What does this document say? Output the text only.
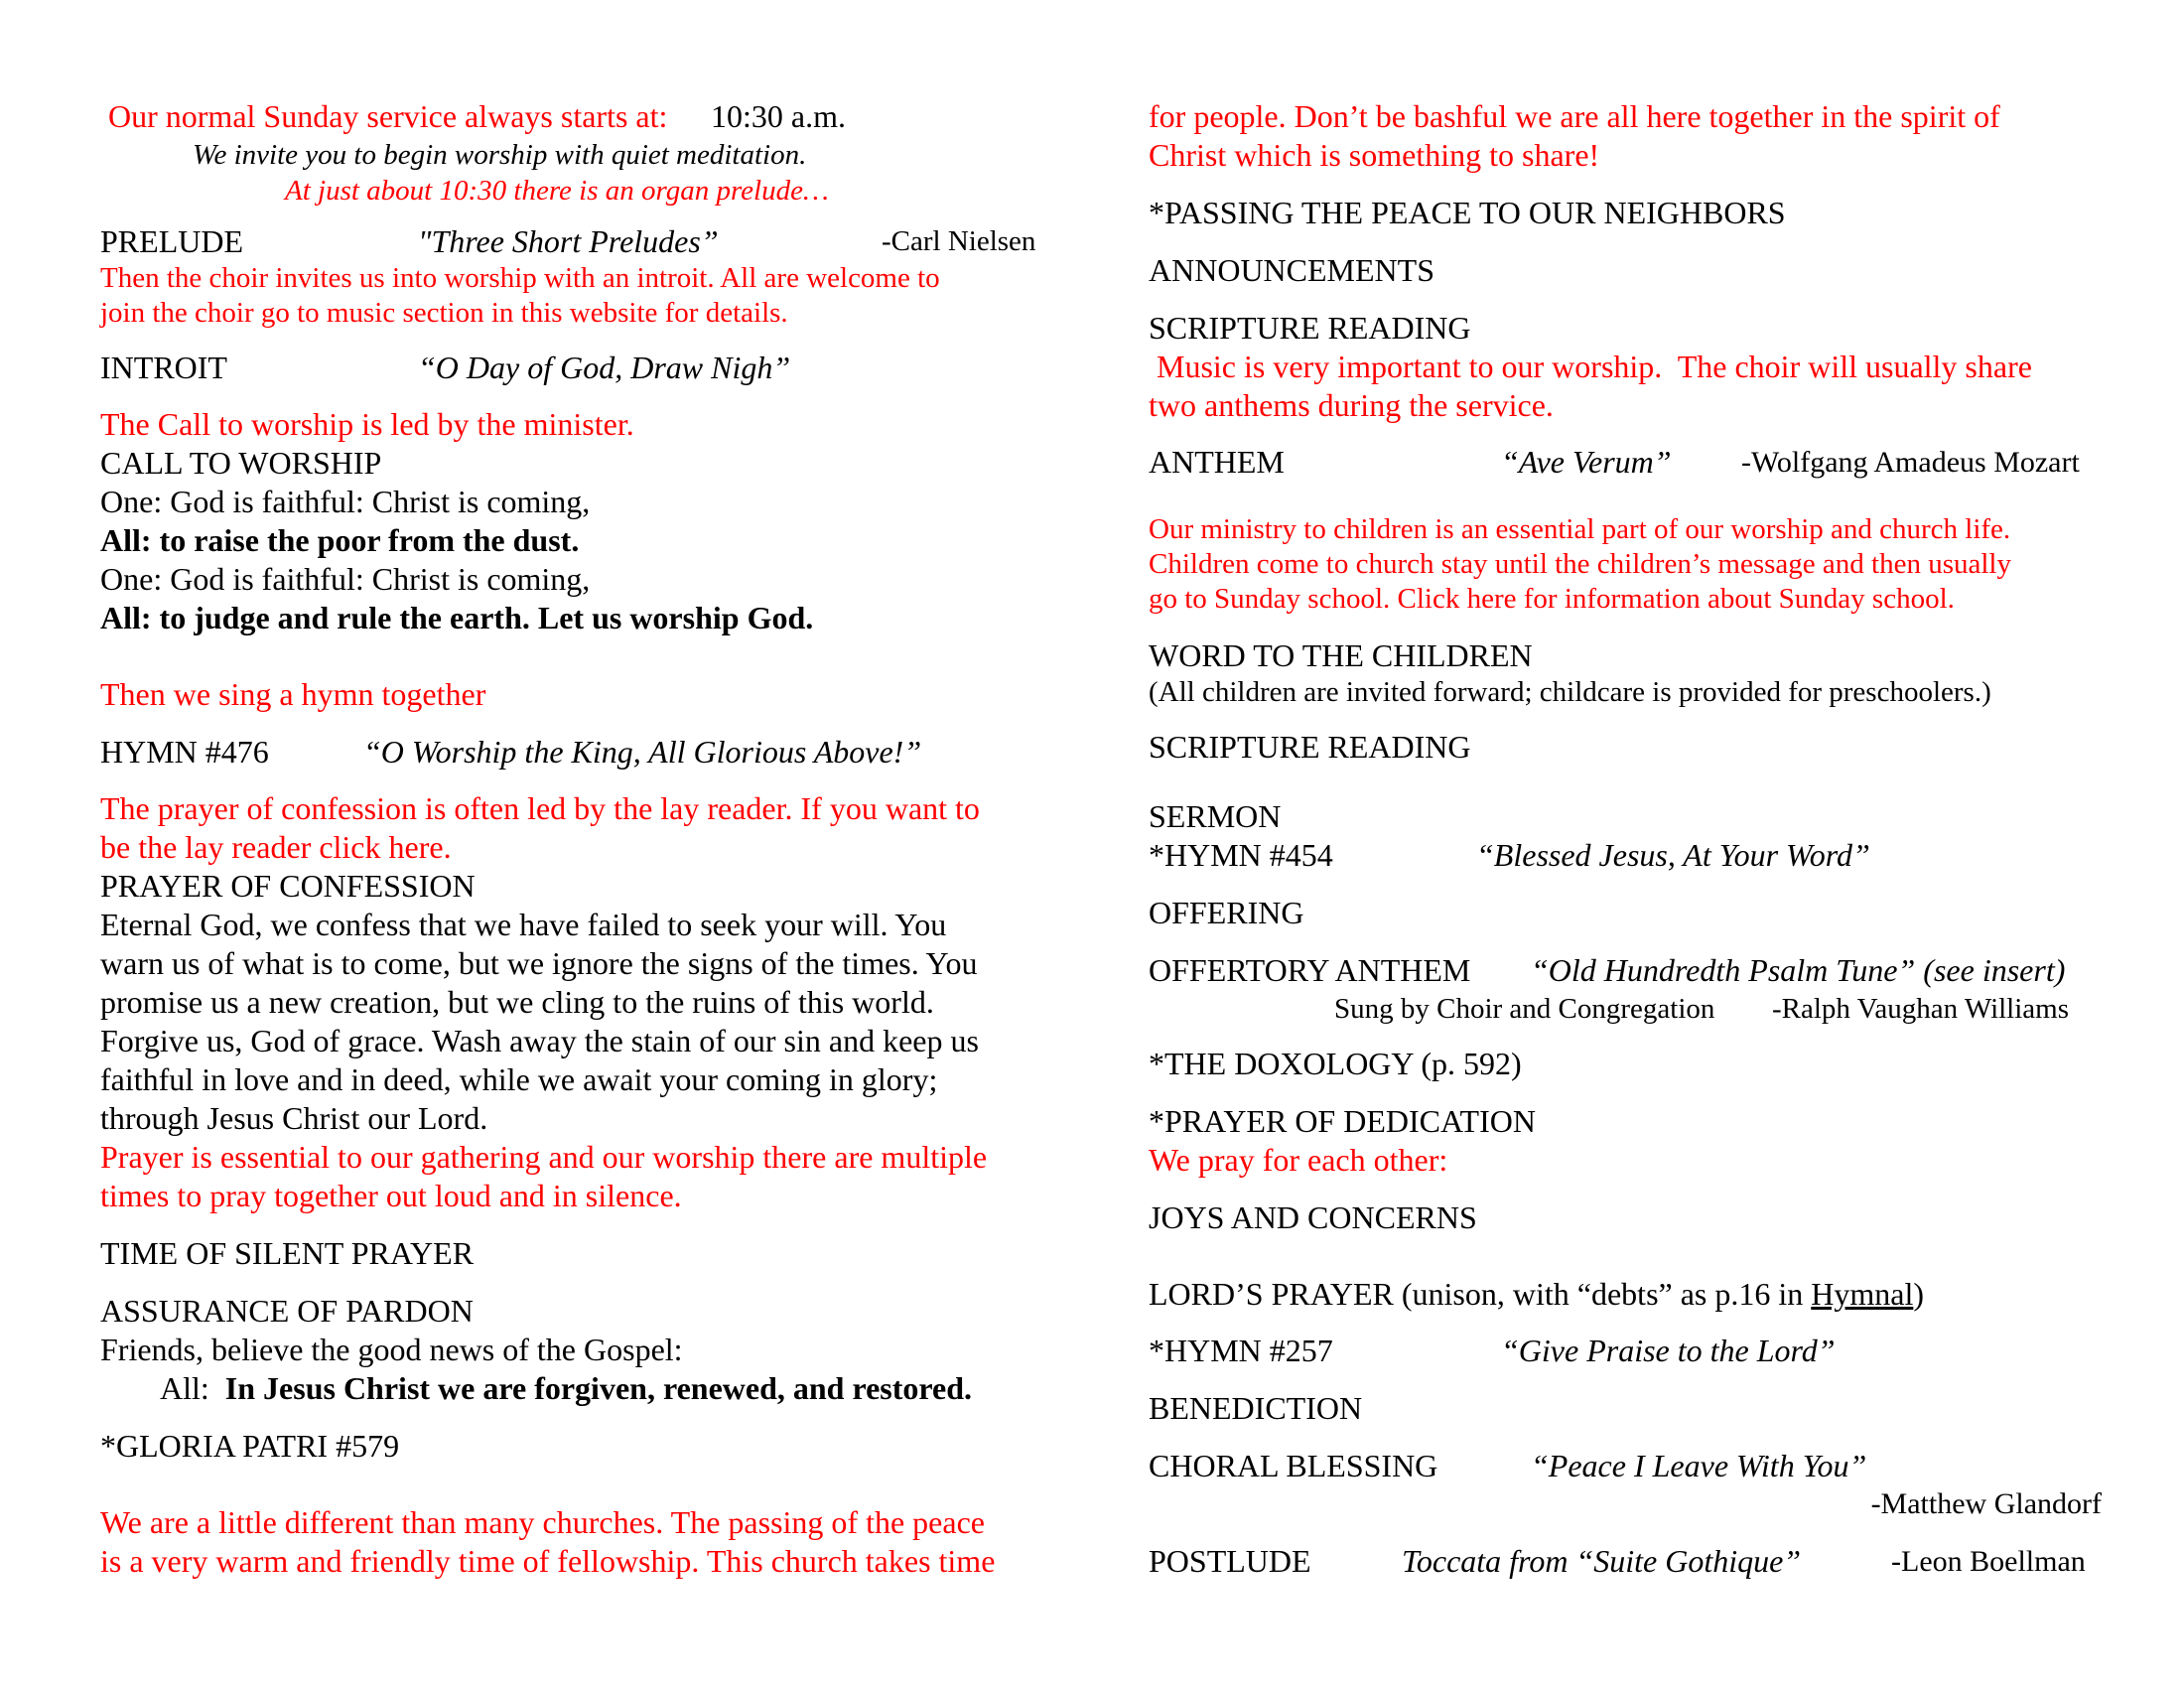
Our normal Sunday service always starts at: 10:30 a.m.
We invite you to begin worship with quiet meditation.
At just about 10:30 there is an organ prelude…
PRELUDE	"Three Short Preludes”	-Carl Nielsen
Then the choir invites us into worship with an introit. All are welcome to
join the choir go to music section in this website for details.
INTROIT	“O Day of God, Draw Nigh”
The Call to worship is led by the minister.
CALL TO WORSHIP
One: God is faithful: Christ is coming,
All: to raise the poor from the dust.
One: God is faithful: Christ is coming,
All: to judge and rule the earth. Let us worship God.
Then we sing a hymn together
HYMN #476	“O Worship the King, All Glorious Above!”
The prayer of confession is often led by the lay reader. If you want to
be the lay reader click here.
PRAYER OF CONFESSION
Eternal God, we confess that we have failed to seek your will. You
warn us of what is to come, but we ignore the signs of the times. You
promise us a new creation, but we cling to the ruins of this world.
Forgive us, God of grace. Wash away the stain of our sin and keep us
faithful in love and in deed, while we await your coming in glory;
through Jesus Christ our Lord.
Prayer is essential to our gathering and our worship there are multiple
times to pray together out loud and in silence.
TIME OF SILENT PRAYER
ASSURANCE OF PARDON
Friends, believe the good news of the Gospel:
All: In Jesus Christ we are forgiven, renewed, and restored.
*GLORIA PATRI #579
We are a little different than many churches. The passing of the peace
is a very warm and friendly time of fellowship. This church takes time
for people. Don’t be bashful we are all here together in the spirit of
Christ which is something to share!
*PASSING THE PEACE TO OUR NEIGHBORS
ANNOUNCEMENTS
SCRIPTURE READING
Music is very important to our worship.  The choir will usually share
two anthems during the service.
ANTHEM	“Ave Verum” -Wolfgang Amadeus Mozart
Our ministry to children is an essential part of our worship and church life.
Children come to church stay until the children’s message and then usually
go to Sunday school. Click here for information about Sunday school.
WORD TO THE CHILDREN
(All children are invited forward; childcare is provided for preschoolers.)
SCRIPTURE READING
SERMON
*HYMN #454	“Blessed Jesus, At Your Word”
OFFERING
OFFERTORY ANTHEM “Old Hundredth Psalm Tune” (see insert)
Sung by Choir and Congregation -Ralph Vaughan Williams
*THE DOXOLOGY (p. 592)
*PRAYER OF DEDICATION
We pray for each other:
JOYS AND CONCERNS
LORD’S PRAYER (unison, with “debts” as p.16 in Hymnal)
*HYMN #257	“Give Praise to the Lord”
BENEDICTION
CHORAL BLESSING	“Peace I Leave With You”
-Matthew Glandorf
POSTLUDE	Toccata from “Suite Gothique”	-Leon Boellman
